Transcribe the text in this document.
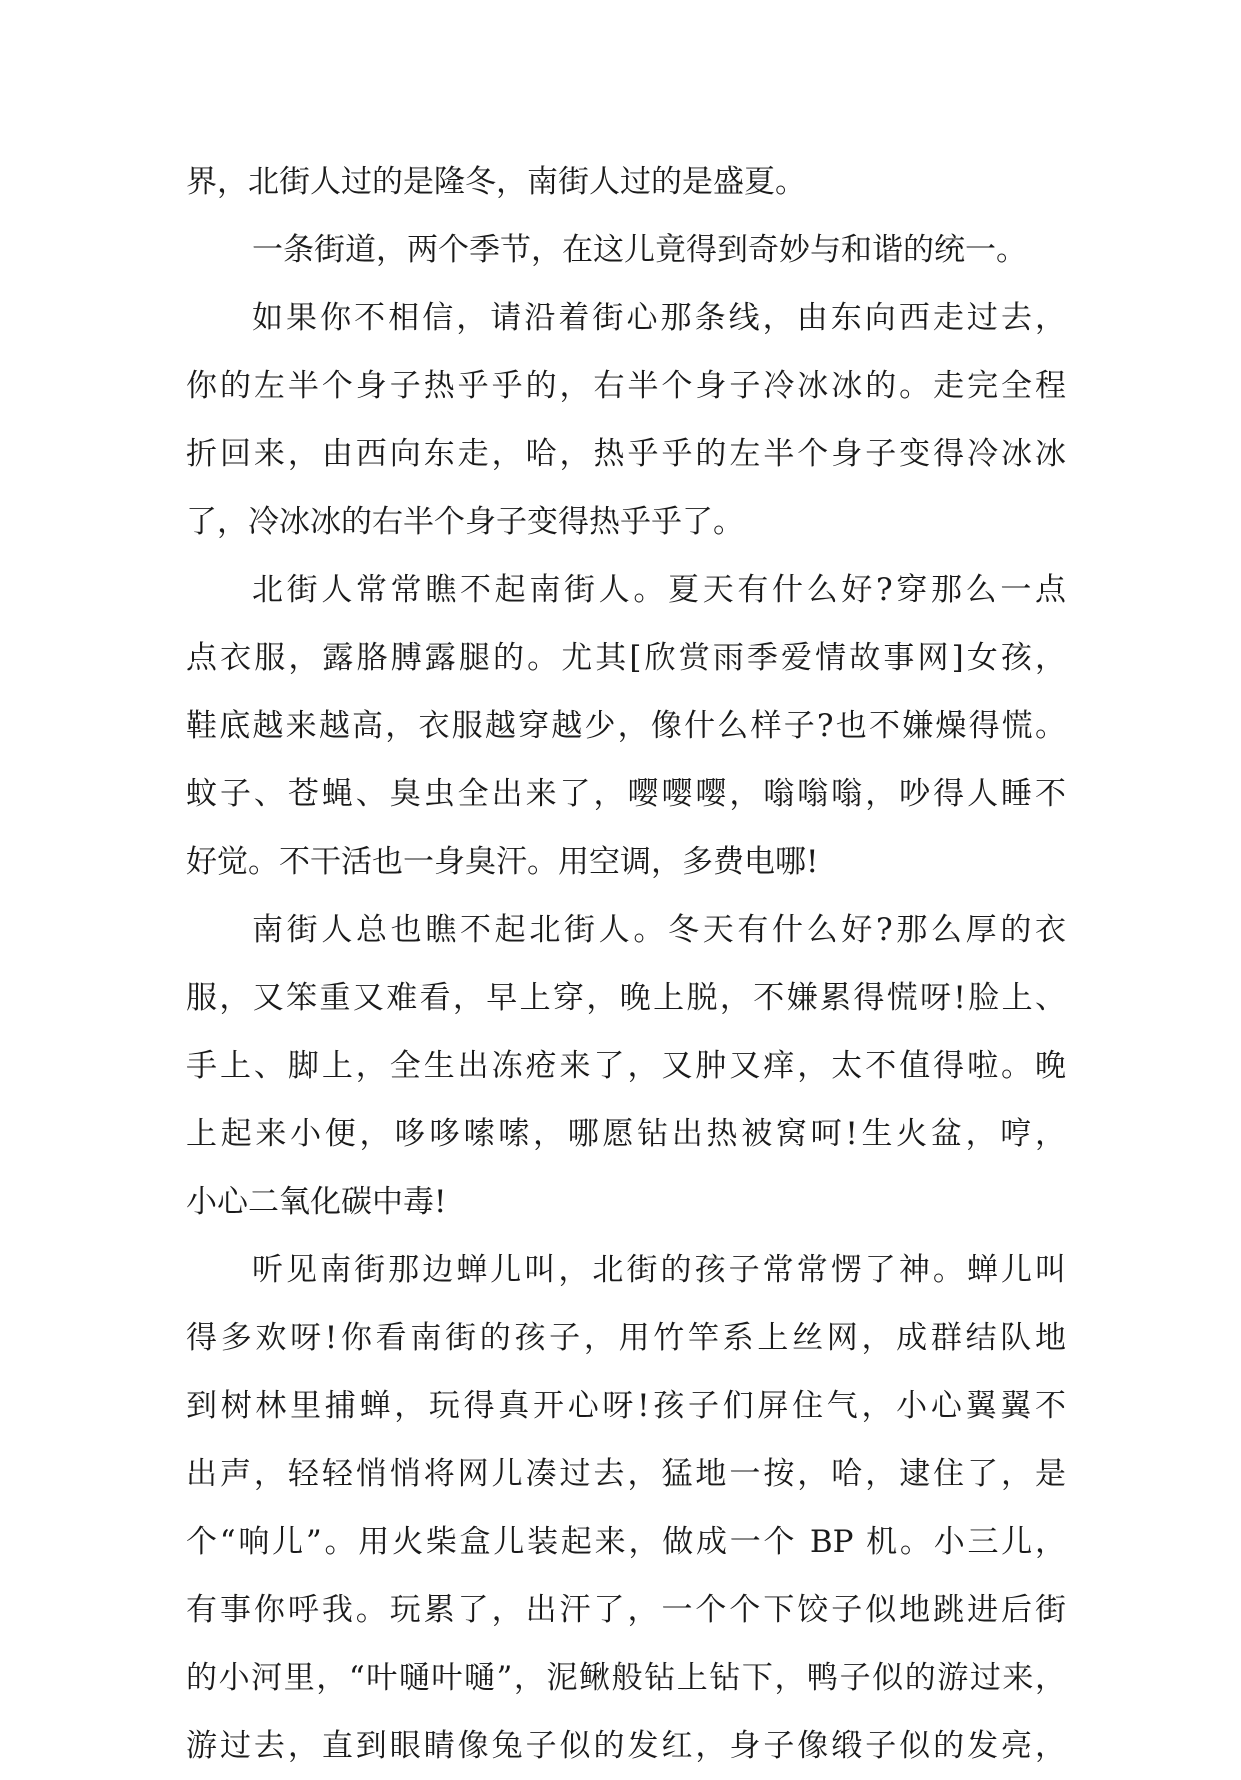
界，北街人过的是隆冬，南街人过的是盛夏。
一条街道，两个季节，在这儿竟得到奇妙与和谐的统一。
如果你不相信，请沿着街心那条线，由东向西走过去，
你的左半个身子热乎乎的，右半个身子冷冰冰的。走完全程
折回来，由西向东走，哈，热乎乎的左半个身子变得冷冰冰
了，冷冰冰的右半个身子变得热乎乎了。
北街人常常瞧不起南街人。夏天有什么好?穿那么一点
点衣服，露胳膊露腿的。尤其[欣赏雨季爱情故事网]女孩，
鞋底越来越高，衣服越穿越少，像什么样子?也不嫌燥得慌。
蚊子、苍蝇、臭虫全出来了，嘤嘤嘤，嗡嗡嗡，吵得人睡不
好觉。不干活也一身臭汗。用空调，多费电哪!
南街人总也瞧不起北街人。冬天有什么好?那么厚的衣
服，又笨重又难看，早上穿，晚上脱，不嫌累得慌呀!脸上、
手上、脚上，全生出冻疮来了，又肿又痒，太不值得啦。晚
上起来小便，哆哆嗦嗦，哪愿钻出热被窝呵!生火盆，哼，
小心二氧化碳中毒!
听见南街那边蝉儿叫，北街的孩子常常愣了神。蝉儿叫
得多欢呀!你看南街的孩子，用竹竿系上丝网，成群结队地
到树林里捕蝉，玩得真开心呀!孩子们屏住气，小心翼翼不
出声，轻轻悄悄将网儿凑过去，猛地一按，哈，逮住了，是
个“响儿”。用火柴盒儿装起来，做成一个 BP 机。小三儿，
有事你呼我。玩累了，出汗了，一个个下饺子似地跳进后街
的小河里，“叶嗵叶嗵”，泥鳅般钻上钻下，鸭子似的游过来，
游过去，直到眼睛像兔子似的发红，身子像缎子似的发亮，
